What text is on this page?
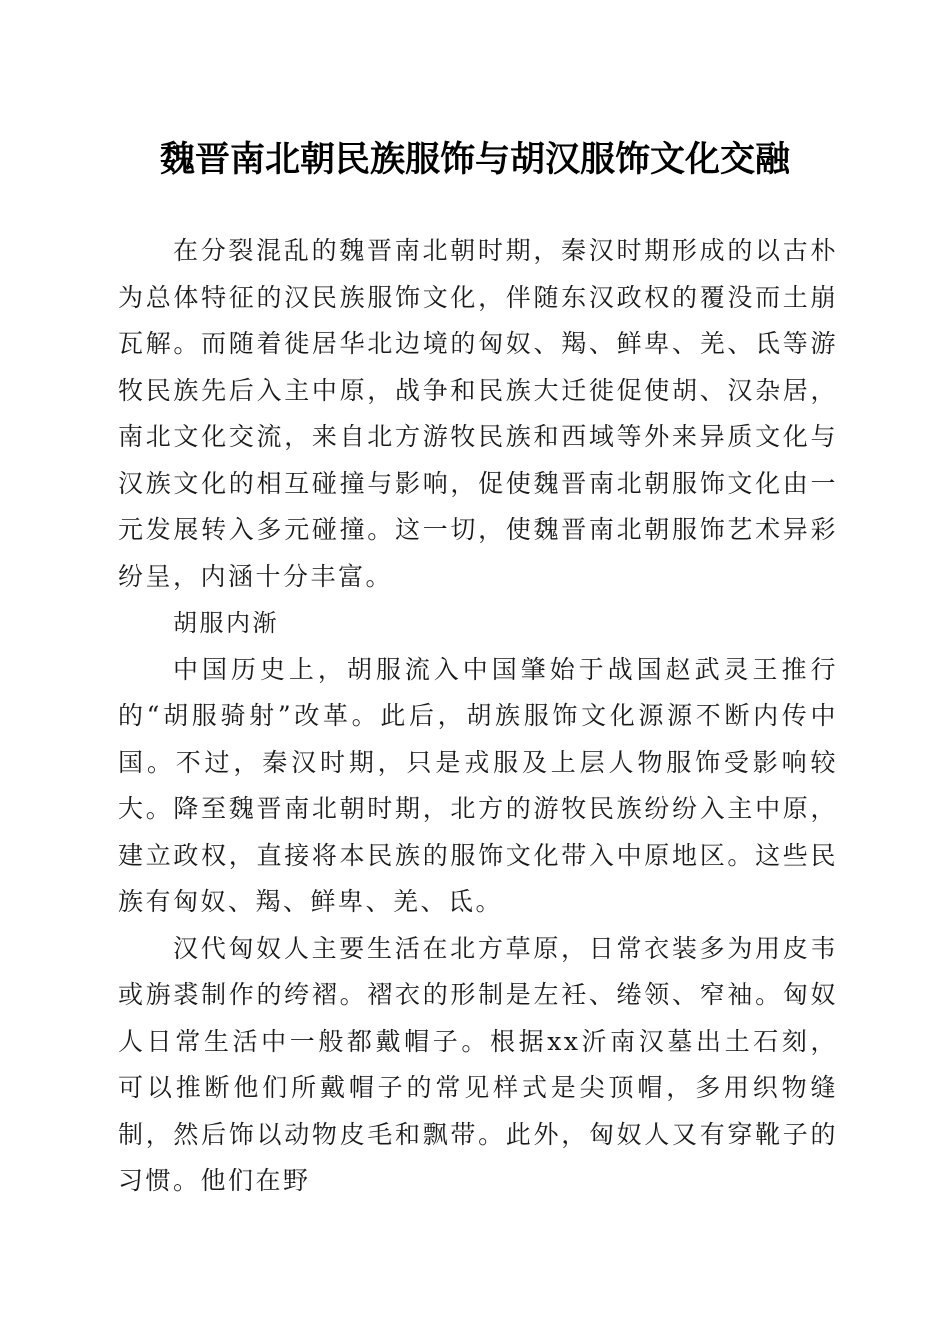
魏晋南北朝民族服饰与胡汉服饰文化交融

在分裂混乱的魏晋南北朝时期，秦汉时期形成的以古朴为总体特征的汉民族服饰文化，伴随东汉政权的覆没而土崩瓦解。而随着徙居华北边境的匈奴、羯、鲜卑、羌、氐等游牧民族先后入主中原，战争和民族大迁徙促使胡、汉杂居，南北文化交流，来自北方游牧民族和西域等外来异质文化与汉族文化的相互碰撞与影响，促使魏晋南北朝服饰文化由一元发展转入多元碰撞。这一切，使魏晋南北朝服饰艺术异彩纷呈，内涵十分丰富。

胡服内渐

中国历史上，胡服流入中国肇始于战国赵武灵王推行的“胡服骑射”改革。此后，胡族服饰文化源源不断内传中国。不过，秦汉时期，只是戎服及上层人物服饰受影响较大。降至魏晋南北朝时期，北方的游牧民族纷纷入主中原，建立政权，直接将本民族的服饰文化带入中原地区。这些民族有匈奴、羯、鲜卑、羌、氐。

汉代匈奴人主要生活在北方草原，日常衣装多为用皮韦或旃裘制作的绔褶。褶衣的形制是左衽、绻领、窄袖。匈奴人日常生活中一般都戴帽子。根据xx沂南汉墓出土石刻，可以推断他们所戴帽子的常见样式是尖顶帽，多用织物缝制，然后饰以动物皮毛和飘带。此外，匈奴人又有穿靴子的习惯。他们在野
